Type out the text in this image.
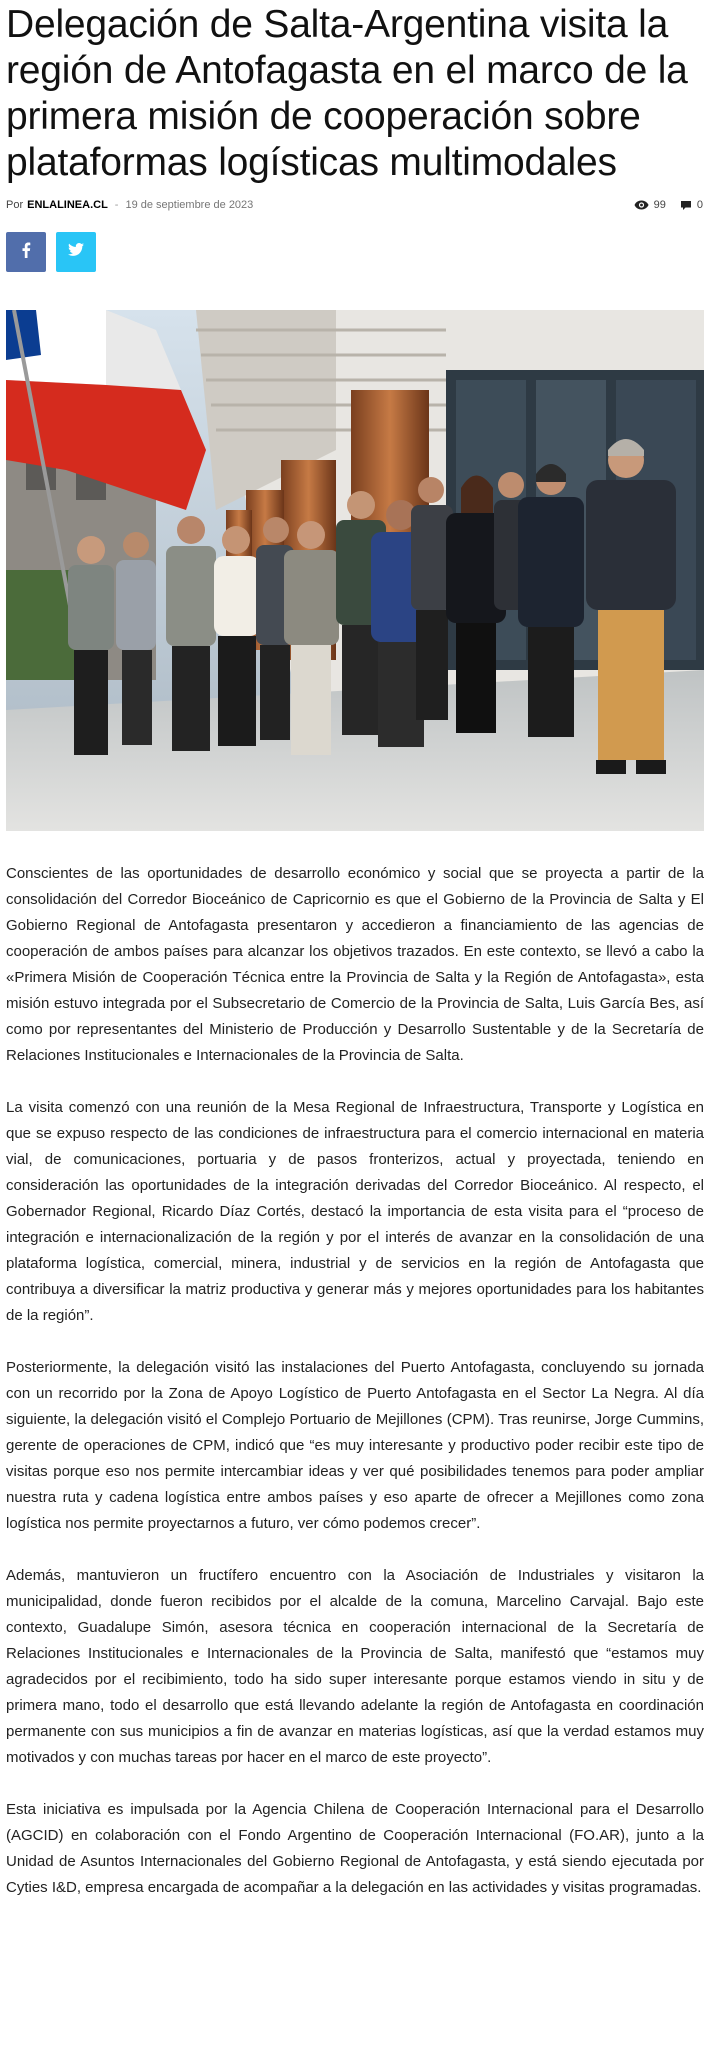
Delegación de Salta-Argentina visita la región de Antofagasta en el marco de la primera misión de cooperación sobre plataformas logísticas multimodales
Por ENLALINEA.CL - 19 de septiembre de 2023	99	0

Conscientes de las oportunidades de desarrollo económico y social que se proyecta a partir de la consolidación del Corredor Bioceánico de Capricornio es que el Gobierno de la Provincia de Salta y El Gobierno Regional de Antofagasta presentaron y accedieron a financiamiento de las agencias de cooperación de ambos países para alcanzar los objetivos trazados. En este contexto, se llevó a cabo la «Primera Misión de Cooperación Técnica entre la Provincia de Salta y la Región de Antofagasta», esta misión estuvo integrada por el Subsecretario de Comercio de la Provincia de Salta, Luis García Bes, así como por representantes del Ministerio de Producción y Desarrollo Sustentable y de la Secretaría de Relaciones Institucionales e Internacionales de la Provincia de Salta.

La visita comenzó con una reunión de la Mesa Regional de Infraestructura, Transporte y Logística en que se expuso respecto de las condiciones de infraestructura para el comercio internacional en materia vial, de comunicaciones, portuaria y de pasos fronterizos, actual y proyectada, teniendo en consideración las oportunidades de la integración derivadas del Corredor Bioceánico. Al respecto, el Gobernador Regional, Ricardo Díaz Cortés, destacó la importancia de esta visita para el “proceso de integración e internacionalización de la región y por el interés de avanzar en la consolidación de una plataforma logística, comercial, minera, industrial y de servicios en la región de Antofagasta que contribuya a diversificar la matriz productiva y generar más y mejores oportunidades para los habitantes de la región”.

Posteriormente, la delegación visitó las instalaciones del Puerto Antofagasta, concluyendo su jornada con un recorrido por la Zona de Apoyo Logístico de Puerto Antofagasta en el Sector La Negra. Al día siguiente, la delegación visitó el Complejo Portuario de Mejillones (CPM). Tras reunirse, Jorge Cummins, gerente de operaciones de CPM, indicó que “es muy interesante y productivo poder recibir este tipo de visitas porque eso nos permite intercambiar ideas y ver qué posibilidades tenemos para poder ampliar nuestra ruta y cadena logística entre ambos países y eso aparte de ofrecer a Mejillones como zona logística nos permite proyectarnos a futuro, ver cómo podemos crecer”.

Además, mantuvieron un fructífero encuentro con la Asociación de Industriales y visitaron la municipalidad, donde fueron recibidos por el alcalde de la comuna, Marcelino Carvajal. Bajo este contexto, Guadalupe Simón, asesora técnica en cooperación internacional de la Secretaría de Relaciones Institucionales e Internacionales de la Provincia de Salta, manifestó que “estamos muy agradecidos por el recibimiento, todo ha sido super interesante porque estamos viendo in situ y de primera mano, todo el desarrollo que está llevando adelante la región de Antofagasta en coordinación permanente con sus municipios a fin de avanzar en materias logísticas, así que la verdad estamos muy motivados y con muchas tareas por hacer en el marco de este proyecto”.

Esta iniciativa es impulsada por la Agencia Chilena de Cooperación Internacional para el Desarrollo (AGCID) en colaboración con el Fondo Argentino de Cooperación Internacional (FO.AR), junto a la Unidad de Asuntos Internacionales del Gobierno Regional de Antofagasta, y está siendo ejecutada por Cyties I&D, empresa encargada de acompañar a la delegación en las actividades y visitas programadas.
